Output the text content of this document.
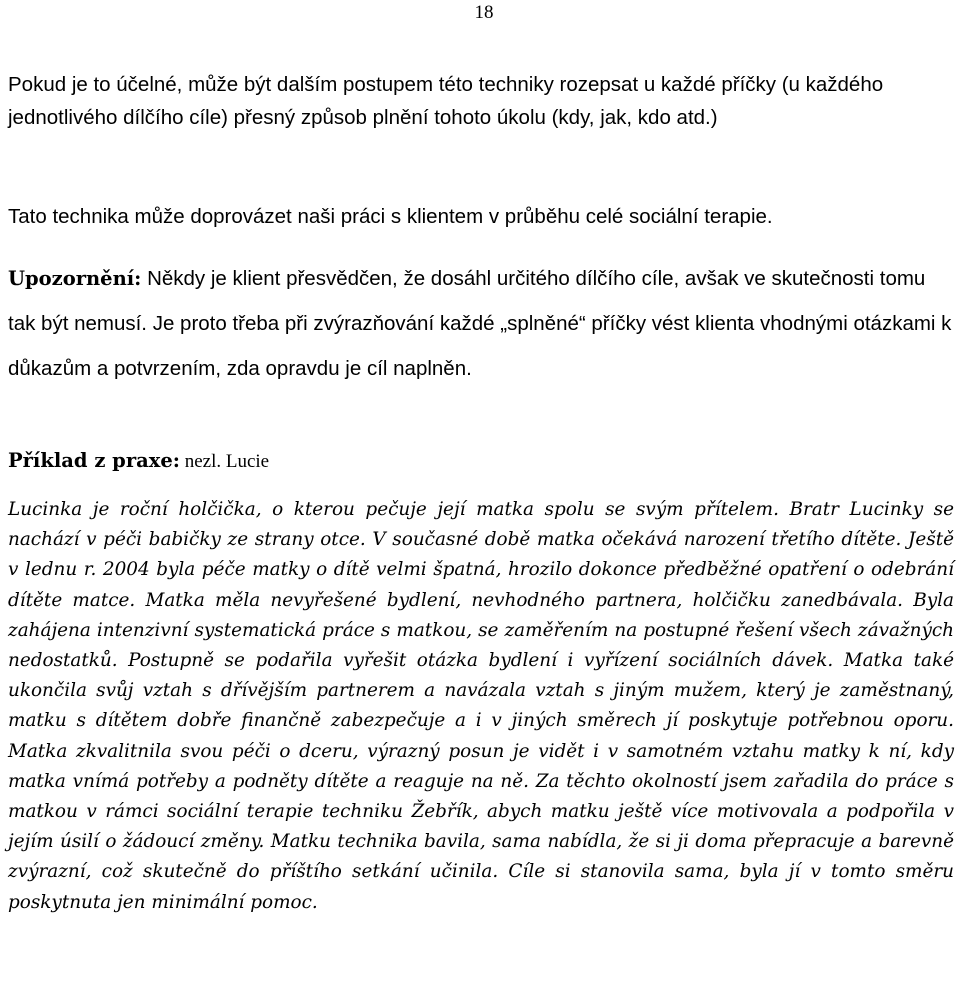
18

Pokud je to účelné, může být dalším postupem této techniky rozepsat u každé příčky (u každého jednotlivého dílčího cíle) přesný způsob plnění tohoto úkolu (kdy, jak, kdo atd.)

Tato technika může doprovázet naši práci s klientem v průběhu celé sociální terapie.

Upozornění: Někdy je klient přesvědčen, že dosáhl určitého dílčího cíle, avšak ve skutečnosti tomu tak být nemusí. Je proto třeba při zvýrazňování každé „splněné“ příčky vést klienta vhodnými otázkami k důkazům a potvrzením, zda opravdu je cíl naplněn.

Příklad z praxe: nezl. Lucie

Lucinka je roční holčička, o kterou pečuje její matka spolu se svým přítelem. Bratr Lucinky se nachází v péči babičky ze strany otce. V současné době matka očekává narození třetího dítěte. Ještě v lednu r. 2004 byla péče matky o dítě velmi špatná, hrozilo dokonce předběžné opatření o odebrání dítěte matce. Matka měla nevyřešené bydlení, nevhodného partnera, holčičku zanedbávala. Byla zahájena intenzivní systematická práce s matkou, se zaměřením na postupné řešení všech závažných nedostatků. Postupně se podařila vyřešit otázka bydlení i vyřízení sociálních dávek. Matka také ukončila svůj vztah s dřívějším partnerem a navázala vztah s jiným mužem, který je zaměstnaný, matku s dítětem dobře finančně zabezpečuje a i v jiných směrech jí poskytuje potřebnou oporu. Matka zkvalitnila svou péči o dceru, výrazný posun je vidět i v samotném vztahu matky k ní, kdy matka vnímá potřeby a podněty dítěte a reaguje na ně. Za těchto okolností jsem zařadila do práce s matkou v rámci sociální terapie techniku Žebřík, abych matku ještě více motivovala a podpořila v jejím úsilí o žádoucí změny. Matku technika bavila, sama nabídla, že si ji doma přepracuje a barevně zvýrazní, což skutečně do příštího setkání učinila. Cíle si stanovila sama, byla jí v tomto směru poskytnuta jen minimální pomoc.
